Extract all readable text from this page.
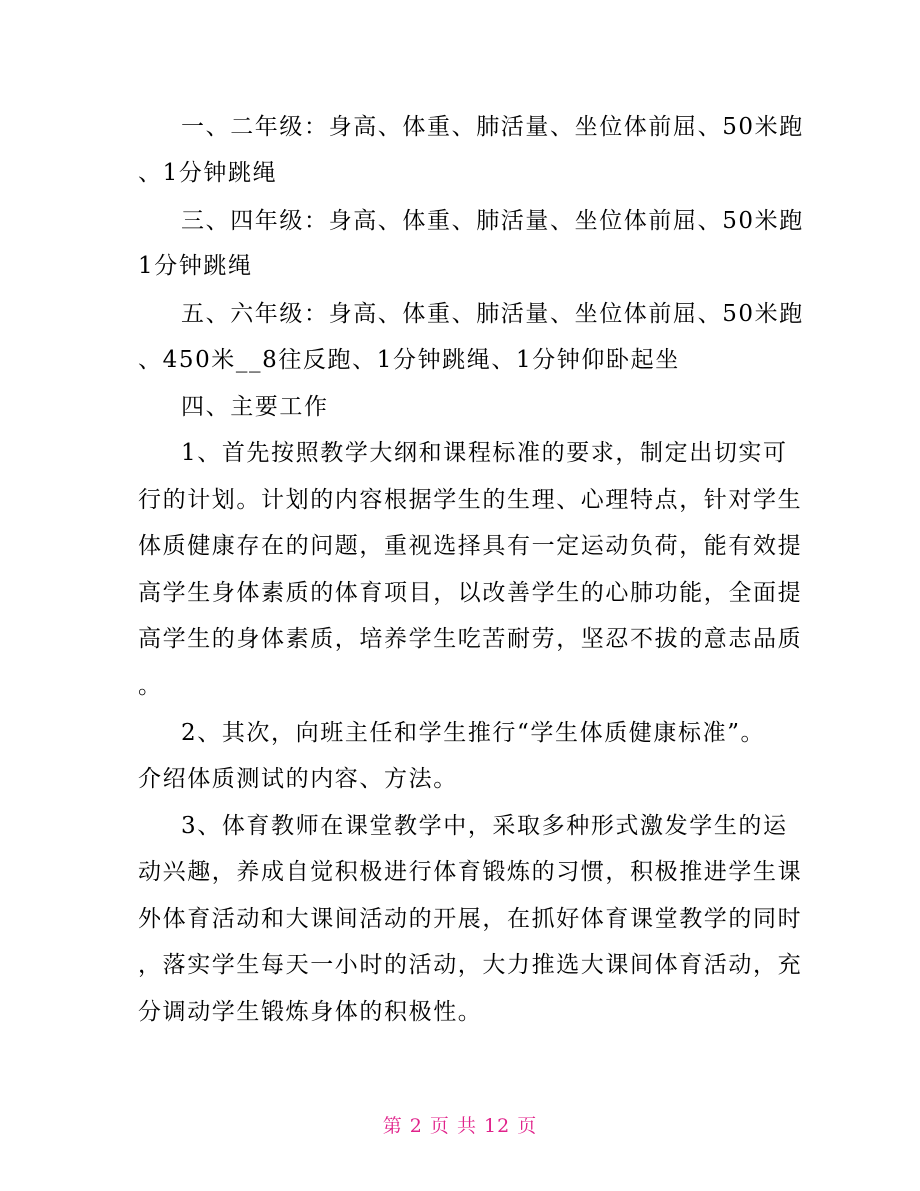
一、二年级：身高、体重、肺活量、坐位体前屈、50米跑
、1分钟跳绳
三、四年级：身高、体重、肺活量、坐位体前屈、50米跑
1分钟跳绳
五、六年级：身高、体重、肺活量、坐位体前屈、50米跑
、450米__8往反跑、1分钟跳绳、1分钟仰卧起坐
四、主要工作
1、首先按照教学大纲和课程标准的要求，制定出切实可
行的计划。计划的内容根据学生的生理、心理特点，针对学生
体质健康存在的问题，重视选择具有一定运动负荷，能有效提
高学生身体素质的体育项目，以改善学生的心肺功能，全面提
高学生的身体素质，培养学生吃苦耐劳，坚忍不拔的意志品质
。
2、其次，向班主任和学生推行“学生体质健康标准”。
介绍体质测试的内容、方法。
3、体育教师在课堂教学中，采取多种形式激发学生的运
动兴趣，养成自觉积极进行体育锻炼的习惯，积极推进学生课
外体育活动和大课间活动的开展，在抓好体育课堂教学的同时
，落实学生每天一小时的活动，大力推选大课间体育活动，充
分调动学生锻炼身体的积极性。
第 2 页 共 12 页
